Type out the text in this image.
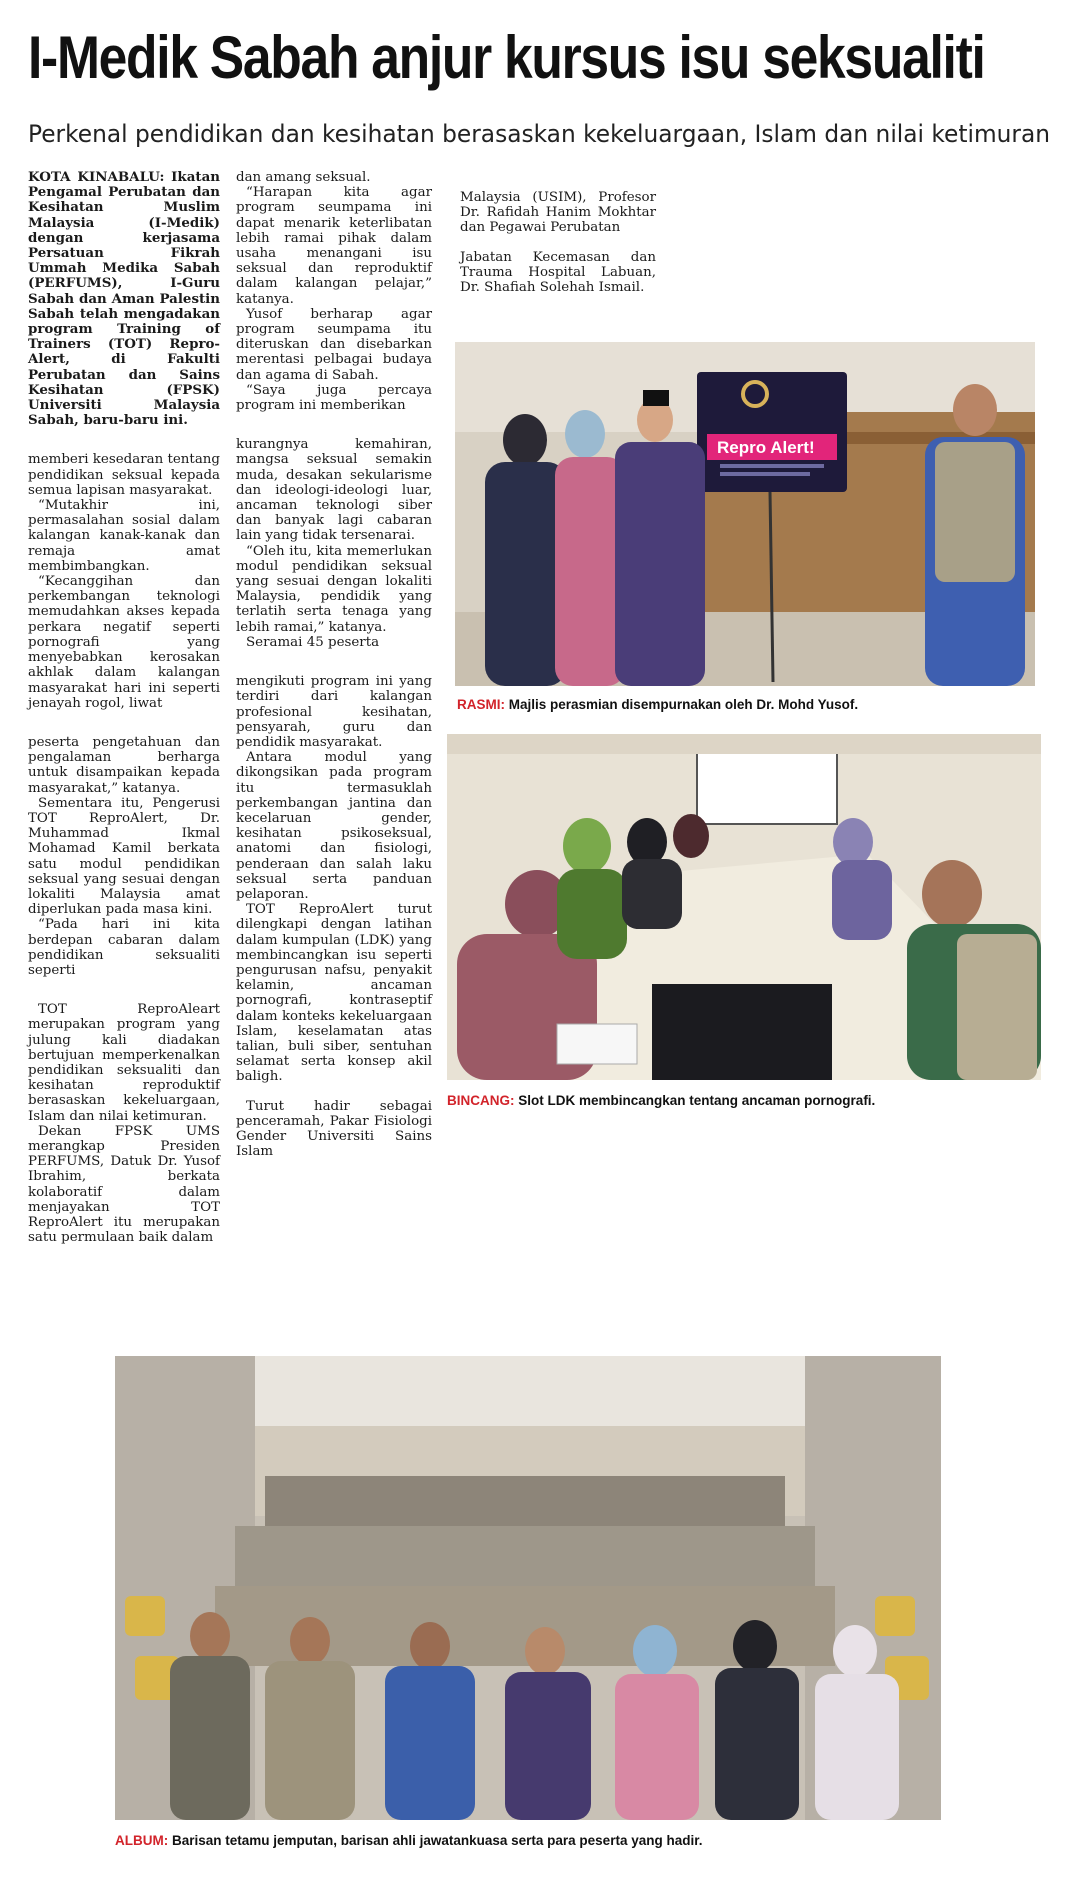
I-Medik Sabah anjur kursus isu seksualiti
Perkenal pendidikan dan kesihatan berasaskan kekeluargaan, Islam dan nilai ketimuran

KOTA KINABALU: Ikatan Pengamal Perubatan dan Kesihatan Muslim Malaysia (I-Medik) dengan kerjasama Persatuan Fikrah Ummah Medika Sabah (PERFUMS), I-Guru Sabah dan Aman Palestin Sabah telah mengadakan program Training of Trainers (TOT) Repro-Alert, di Fakulti Perubatan dan Sains Kesihatan (FPSK) Universiti Malaysia Sabah, baru-baru ini.

memberi kesedaran tentang pendidikan seksual kepada semua lapisan masyarakat.

“Mutakhir ini, permasalahan sosial dalam kalangan kanak-kanak dan remaja amat membimbangkan.

“Kecanggihan dan perkembangan teknologi memudahkan akses kepada perkara negatif seperti pornografi yang menyebabkan kerosakan akhlak dalam kalangan masyarakat hari ini seperti jenayah rogol, liwat

peserta pengetahuan dan pengalaman berharga untuk disampaikan kepada masyarakat,” katanya.

Sementara itu, Pengerusi TOT ReproAlert, Dr. Muhammad Ikmal Mohamad Kamil berkata satu modul pendidikan seksual yang sesuai dengan lokaliti Malaysia amat diperlukan pada masa kini.

“Pada hari ini kita berdepan cabaran dalam pendidikan seksualiti seperti

TOT ReproAleart merupakan program yang julung kali diadakan bertujuan memperkenalkan pendidikan seksualiti dan kesihatan reproduktif berasaskan kekeluargaan, Islam dan nilai ketimuran.

Dekan FPSK UMS merangkap Presiden PERFUMS, Datuk Dr. Yusof Ibrahim, berkata kolaboratif dalam menjayakan TOT ReproAlert itu merupakan satu permulaan baik dalam

dan amang seksual.

“Harapan kita agar program seumpama ini dapat menarik keterlibatan lebih ramai pihak dalam usaha menangani isu seksual dan reproduktif dalam kalangan pelajar,” katanya.

Yusof berharap agar program seumpama itu diteruskan dan disebarkan merentasi pelbagai budaya dan agama di Sabah.

“Saya juga percaya program ini memberikan

kurangnya kemahiran, mangsa seksual semakin muda, desakan sekularisme dan ideologi-ideologi luar, ancaman teknologi siber dan banyak lagi cabaran lain yang tidak tersenarai.

“Oleh itu, kita memerlukan modul pendidikan seksual yang sesuai dengan lokaliti Malaysia, pendidik yang terlatih serta tenaga yang lebih ramai,” katanya.

Seramai 45 peserta

mengikuti program ini yang terdiri dari kalangan profesional kesihatan, pensyarah, guru dan pendidik masyarakat.

Antara modul yang dikongsikan pada program itu termasuklah perkembangan jantina dan kecelaruan gender, kesihatan psikoseksual, anatomi dan fisiologi, penderaan dan salah laku seksual serta panduan pelaporan.

TOT ReproAlert turut dilengkapi dengan latihan dalam kumpulan (LDK) yang membincangkan isu seperti pengurusan nafsu, penyakit kelamin, ancaman pornografi, kontraseptif dalam konteks kekeluargaan Islam, keselamatan atas talian, buli siber, sentuhan selamat serta konsep akil baligh.

Turut hadir sebagai penceramah, Pakar Fisiologi Gender Universiti Sains Islam

Malaysia (USIM), Profesor Dr. Rafidah Hanim Mokhtar dan Pegawai Perubatan

Jabatan Kecemasan dan Trauma Hospital Labuan, Dr. Shafiah Solehah Ismail.

Repro Alert!
RASMI: Majlis perasmian disempurnakan oleh Dr. Mohd Yusof.
BINCANG: Slot LDK membincangkan tentang ancaman pornografi.
ALBUM: Barisan tetamu jemputan, barisan ahli jawatankuasa serta para peserta yang hadir.
